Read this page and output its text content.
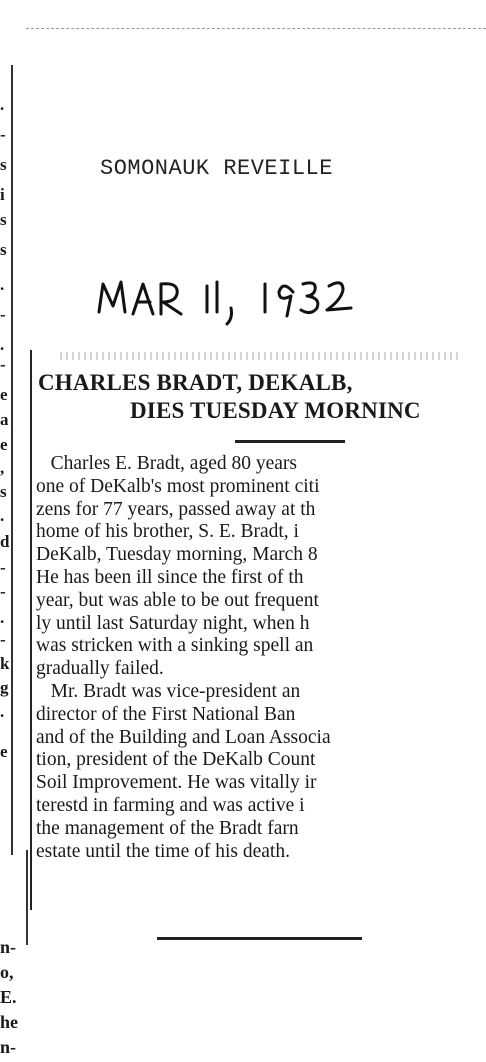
.
-
s
i
s
s
.
-
.
-
e
a
e
,
s
.
d
-
-
.
-
k
g
.
e
n-
o,
E.
he
n-
SOMONAUK REVEILLE
CHARLES BRADT, DEKALB,
DIES TUESDAY MORNINC
Charles E. Bradt, aged 80 years
one of DeKalb's most prominent citi
zens for 77 years, passed away at th
home of his brother, S. E. Bradt, i
DeKalb, Tuesday morning, March 8
He has been ill since the first of th
year, but was able to be out frequent
ly until last Saturday night, when h
was stricken with a sinking spell an
gradually failed.
Mr. Bradt was vice-president an
director of the First National Ban
and of the Building and Loan Associa
tion, president of the DeKalb Count
Soil Improvement. He was vitally ir
terestd in farming and was active i
the management of the Bradt farn
estate until the time of his death.
